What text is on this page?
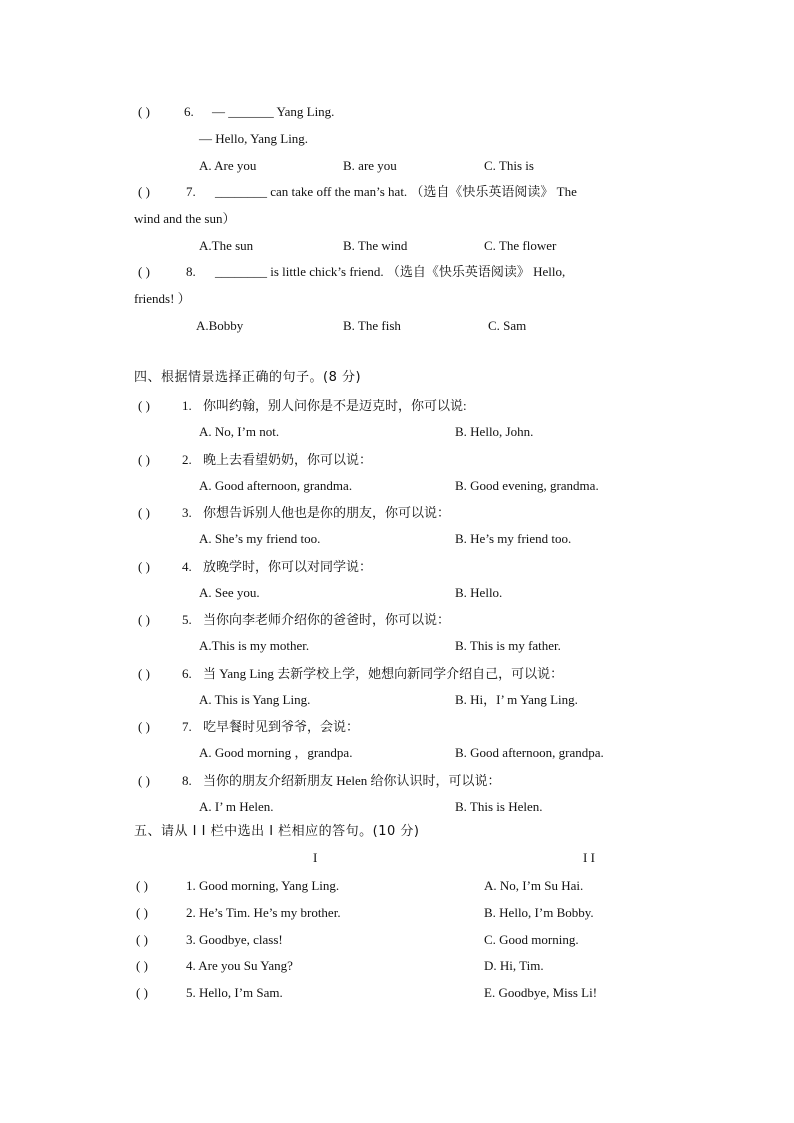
( )	6. — _______ Yang Ling.
— Hello, Yang Ling.
A. Are you	B. are you	C. This is
( )	7. ________ can take off the man’s hat. （选自《快乐英语阅读》 The
wind and the sun）
A.The sun	B. The wind	C. The flower
( )	8. ________ is little chick’s friend. （选自《快乐英语阅读》 Hello,
friends! ）
A.Bobby	B. The fish	C. Sam
四、根据情景选择正确的句子。(8 分)
( ) 1. 你叫约翰，别人问你是不是迈克时，你可以说:
A. No, I’m not.	B. Hello, John.
( ) 2. 晚上去看望奶奶，你可以说：
A. Good afternoon, grandma.	B. Good evening, grandma.
( ) 3. 你想告诉别人他也是你的朋友，你可以说：
A. She’s my friend too.	B. He’s my friend too.
( ) 4. 放晚学时，你可以对同学说：
A. See you.	B. Hello.
( ) 5. 当你向李老师介绍你的爸爸时，你可以说：
A.This is my mother.	B. This is my father.
( ) 6. 当 Yang Ling 去新学校上学，她想向新同学介绍自己，可以说：
A. This is Yang Ling.	B. Hi，I’ m Yang Ling.
( ) 7. 吃早餐时见到爷爷，会说：
A. Good morning ，grandpa.	B. Good afternoon, grandpa.
( ) 8. 当你的朋友介绍新朋友 Helen 给你认识时，可以说：
A. I’ m Helen.	B. This is Helen.
五、请从 I I 栏中选出 I 栏相应的答句。(10 分)
I	I I
( )	1. Good morning, Yang Ling.	A. No, I’m Su Hai.
( )	2. He’s Tim. He’s my brother.	B. Hello, I’m Bobby.
( )	3. Goodbye, class!	C. Good morning.
( )	4. Are you Su Yang?	D. Hi, Tim.
( )	5. Hello, I’m Sam.	E. Goodbye, Miss Li!
